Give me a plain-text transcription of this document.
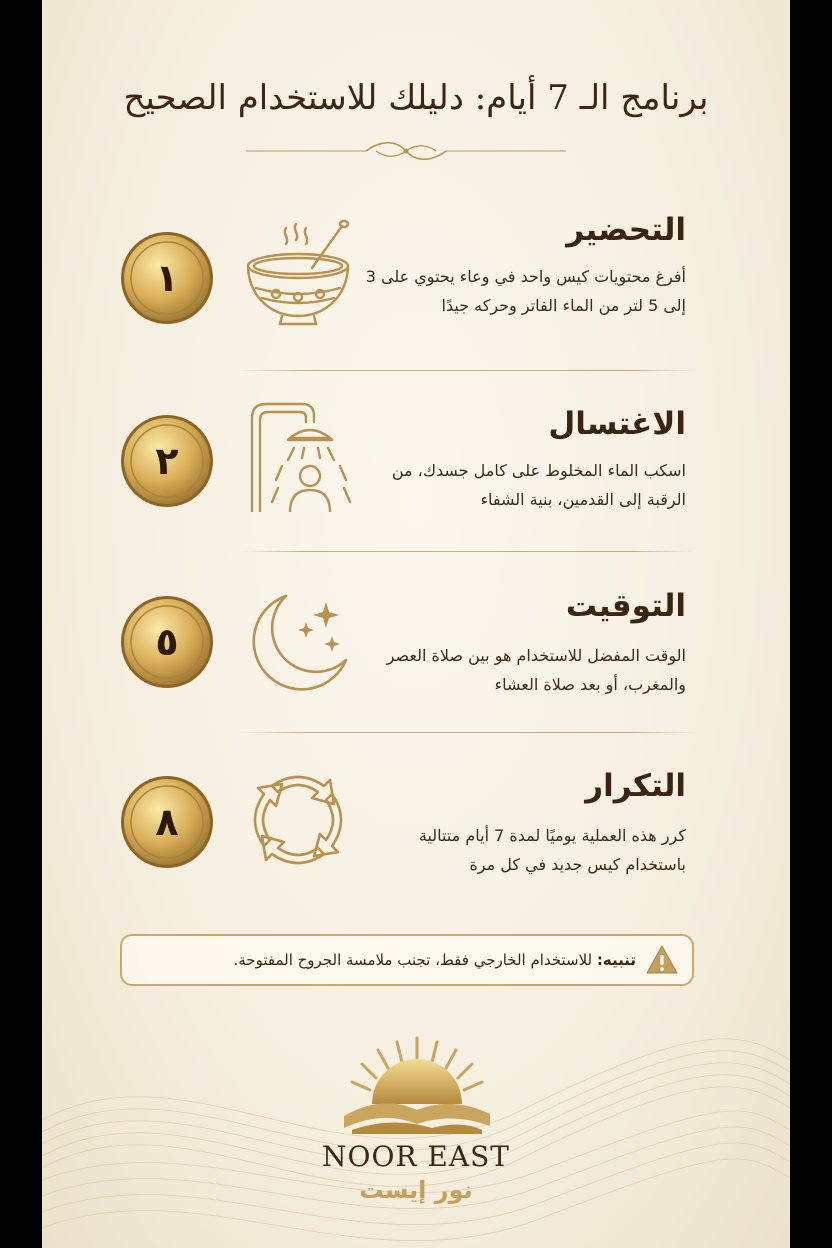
برنامج الـ 7 أيام: دليلك للاستخدام الصحيح
١
التحضير
أفرغ محتويات كيس واحد في وعاء يحتوي على 3 إلى 5 لتر من الماء الفاتر وحركه جيدًا
٢
الاغتسال
اسكب الماء المخلوط على كامل جسدك، من الرقبة إلى القدمين، بنية الشفاء
٥
التوقيت
الوقت المفضل للاستخدام هو بين صلاة العصر والمغرب، أو بعد صلاة العشاء
٨
التكرار
كرر هذه العملية يوميًا لمدة 7 أيام متتالية باستخدام كيس جديد في كل مرة
تنبيه: للاستخدام الخارجي فقط، تجنب ملامسة الجروح المفتوحة.
NOOR EAST
نور إيست
